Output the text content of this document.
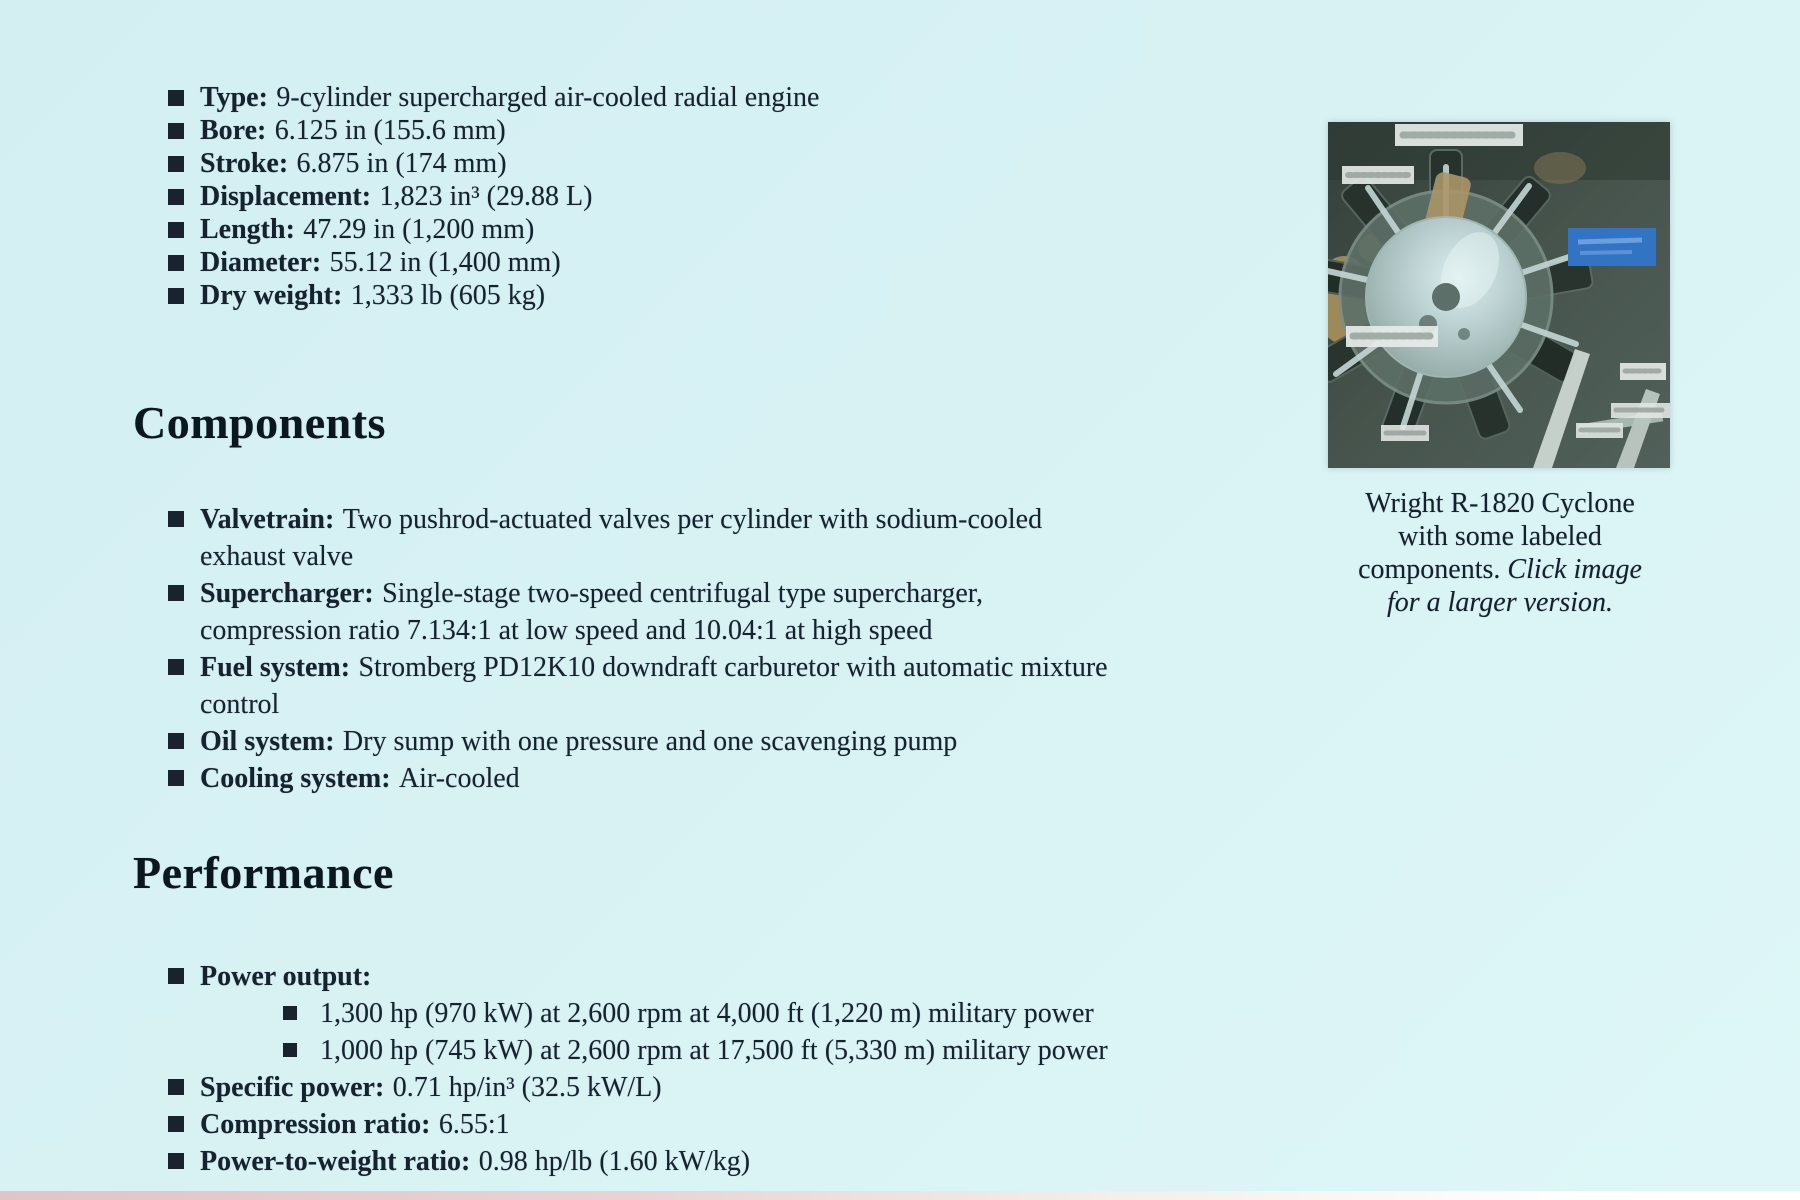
Type: 9-cylinder supercharged air-cooled radial engine

Bore: 6.125 in (155.6 mm)

Stroke: 6.875 in (174 mm)

Displacement: 1,823 in³ (29.88 L)

Length: 47.29 in (1,200 mm)

Diameter: 55.12 in (1,400 mm)

Dry weight: 1,333 lb (605 kg)

Components

Valvetrain: Two pushrod-actuated valves per cylinder with sodium-cooled exhaust valve

Supercharger: Single-stage two-speed centrifugal type supercharger, compression ratio 7.134:1 at low speed and 10.04:1 at high speed

Fuel system: Stromberg PD12K10 downdraft carburetor with automatic mixture control

Oil system: Dry sump with one pressure and one scavenging pump

Cooling system: Air-cooled

Performance

Power output:

1,300 hp (970 kW) at 2,600 rpm at 4,000 ft (1,220 m) military power

1,000 hp (745 kW) at 2,600 rpm at 17,500 ft (5,330 m) military power

Specific power: 0.71 hp/in³ (32.5 kW/L)

Compression ratio: 6.55:1

Power-to-weight ratio: 0.98 hp/lb (1.60 kW/kg)

Wright R-1820 Cyclone
with some labeled
components. Click image
for a larger version.
